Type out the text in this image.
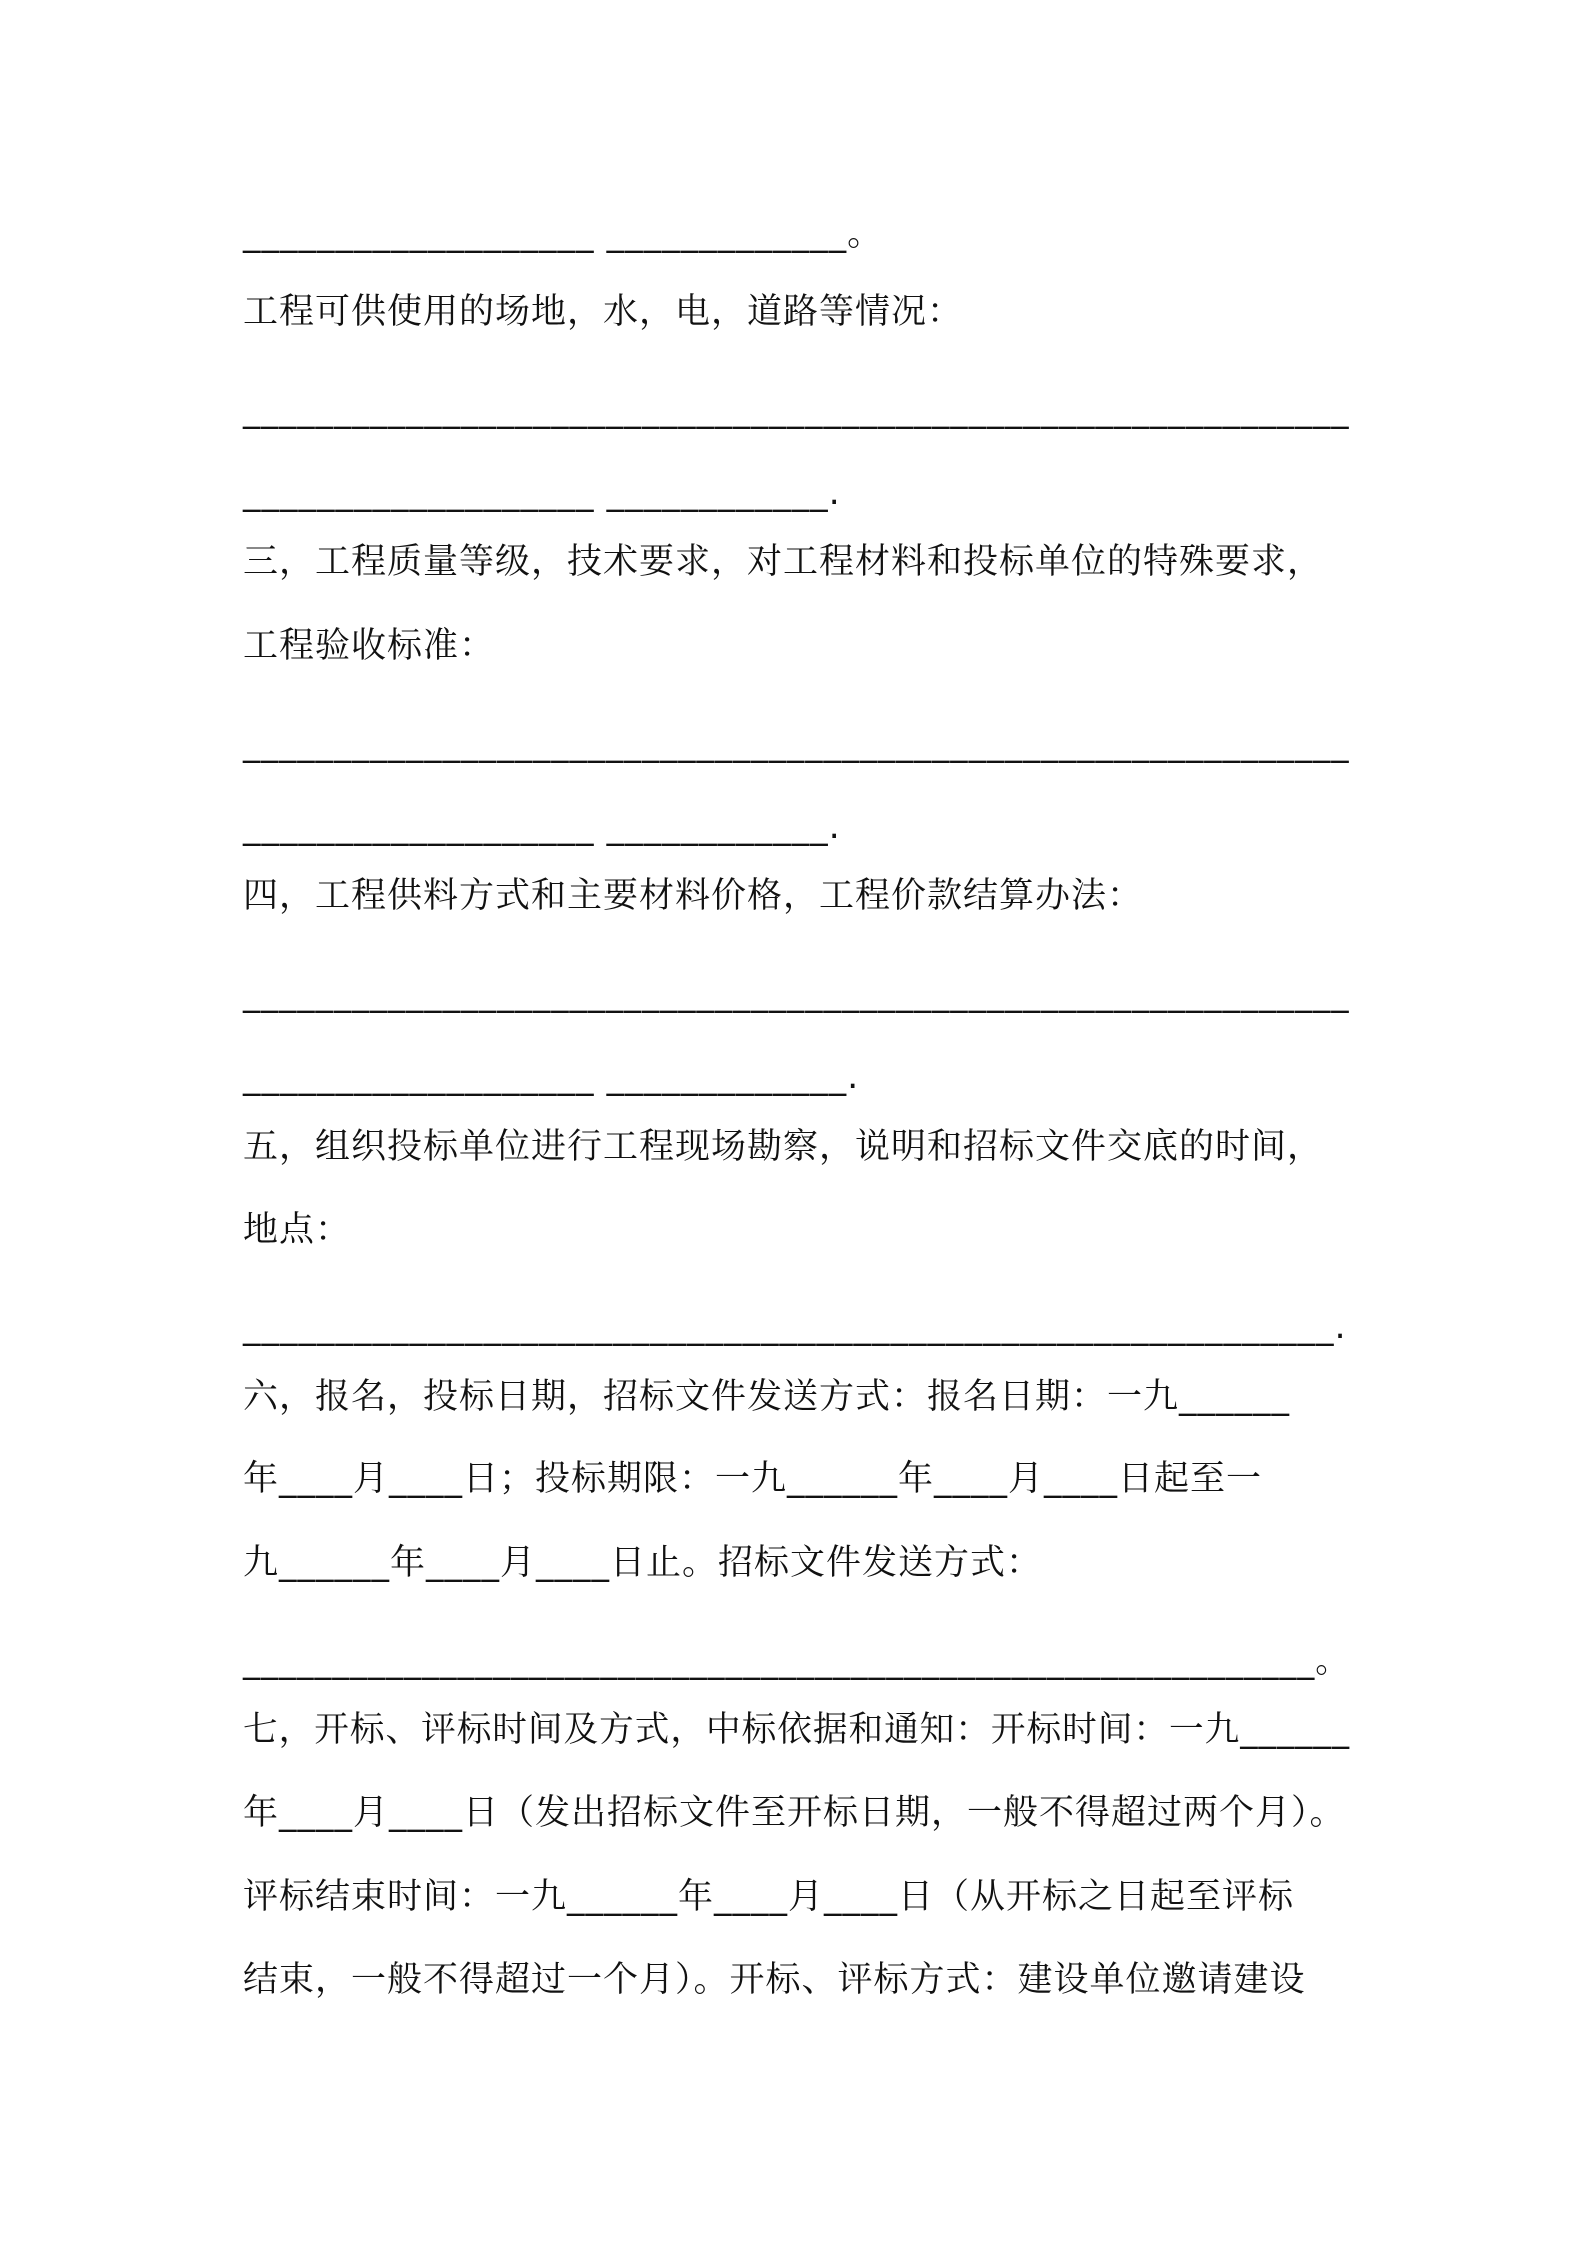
___________________ _____________。
工程可供使用的场地，水，电，道路等情况：
_____________________________________________________________
___________________ ____________.
三，工程质量等级，技术要求，对工程材料和投标单位的特殊要求，
工程验收标准：
_____________________________________________________________
___________________ ____________.
四，工程供料方式和主要材料价格，工程价款结算办法：
_____________________________________________________________
___________________ _____________.
五，组织投标单位进行工程现场勘察，说明和招标文件交底的时间，
地点：
___________________________________________________________.
六，报名，投标日期，招标文件发送方式：报名日期：一九______
年____月____日；投标期限：一九______年____月____日起至一
九______年____月____日止。招标文件发送方式：
____________________________________________________________。
七，开标、评标时间及方式，中标依据和通知：开标时间：一九______
年____月____日（发出招标文件至开标日期，一般不得超过两个月）。
评标结束时间：一九______年____月____日（从开标之日起至评标
结束，一般不得超过一个月）。开标、评标方式：建设单位邀请建设
